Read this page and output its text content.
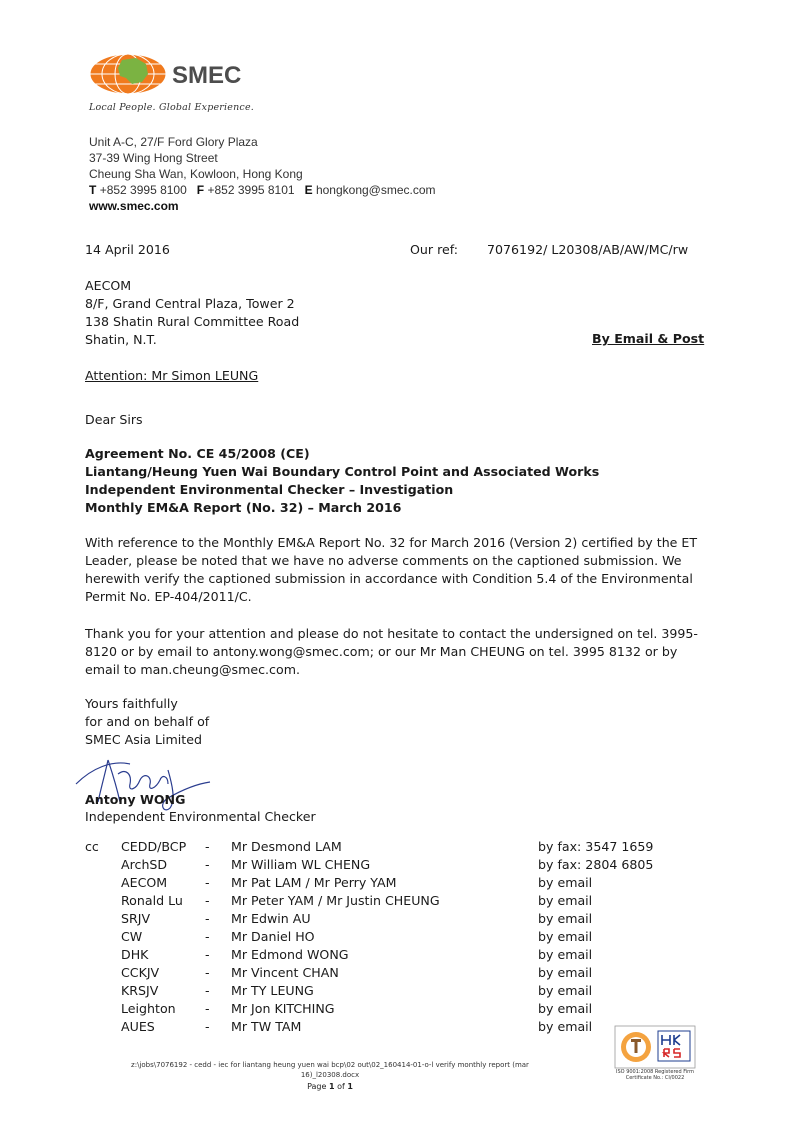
SMEC
Local People. Global Experience.
Unit A-C, 27/F Ford Glory Plaza
37-39 Wing Hong Street
Cheung Sha Wan, Kowloon, Hong Kong
T +852 3995 8100 F +852 3995 8101 E hongkong@smec.com
www.smec.com
14 April 2016	Our ref: 7076192/ L20308/AB/AW/MC/rw
AECOM
8/F, Grand Central Plaza, Tower 2
138 Shatin Rural Committee Road
Shatin, N.T.	By Email & Post
Attention: Mr Simon LEUNG
Dear Sirs
Agreement No. CE 45/2008 (CE)
Liantang/Heung Yuen Wai Boundary Control Point and Associated Works
Independent Environmental Checker – Investigation
Monthly EM&A Report (No. 32) – March 2016
With reference to the Monthly EM&A Report No. 32 for March 2016 (Version 2) certified by the ET Leader, please be noted that we have no adverse comments on the captioned submission. We herewith verify the captioned submission in accordance with Condition 5.4 of the Environmental Permit No. EP-404/2011/C.
Thank you for your attention and please do not hesitate to contact the undersigned on tel. 3995-8120 or by email to antony.wong@smec.com; or our Mr Man CHEUNG on tel. 3995 8132 or by email to man.cheung@smec.com.
Yours faithfully
for and on behalf of
SMEC Asia Limited
Antony WONG
Independent Environmental Checker
cc CEDD/BCP	-	Mr Desmond LAM	by fax: 3547 1659
ArchSD	-	Mr William WL CHENG	by fax: 2804 6805
AECOM	-	Mr Pat LAM / Mr Perry YAM	by email
Ronald Lu	-	Mr Peter YAM / Mr Justin CHEUNG	by email
SRJV	-	Mr Edwin AU	by email
CW	-	Mr Daniel HO	by email
DHK	-	Mr Edmond WONG	by email
CCKJV	-	Mr Vincent CHAN	by email
KRSJV	-	Mr TY LEUNG	by email
Leighton	-	Mr Jon KITCHING	by email
AUES	-	Mr TW TAM	by email
z:\jobs\7076192 - cedd - iec for liantang heung yuen wai bcp\02 out\02_160414-01-o-l verify monthly report (mar 16)_l20308.docx
Page 1 of 1
ISO 9001:2008 Registered Firm
Certificate No.: CI/0022
